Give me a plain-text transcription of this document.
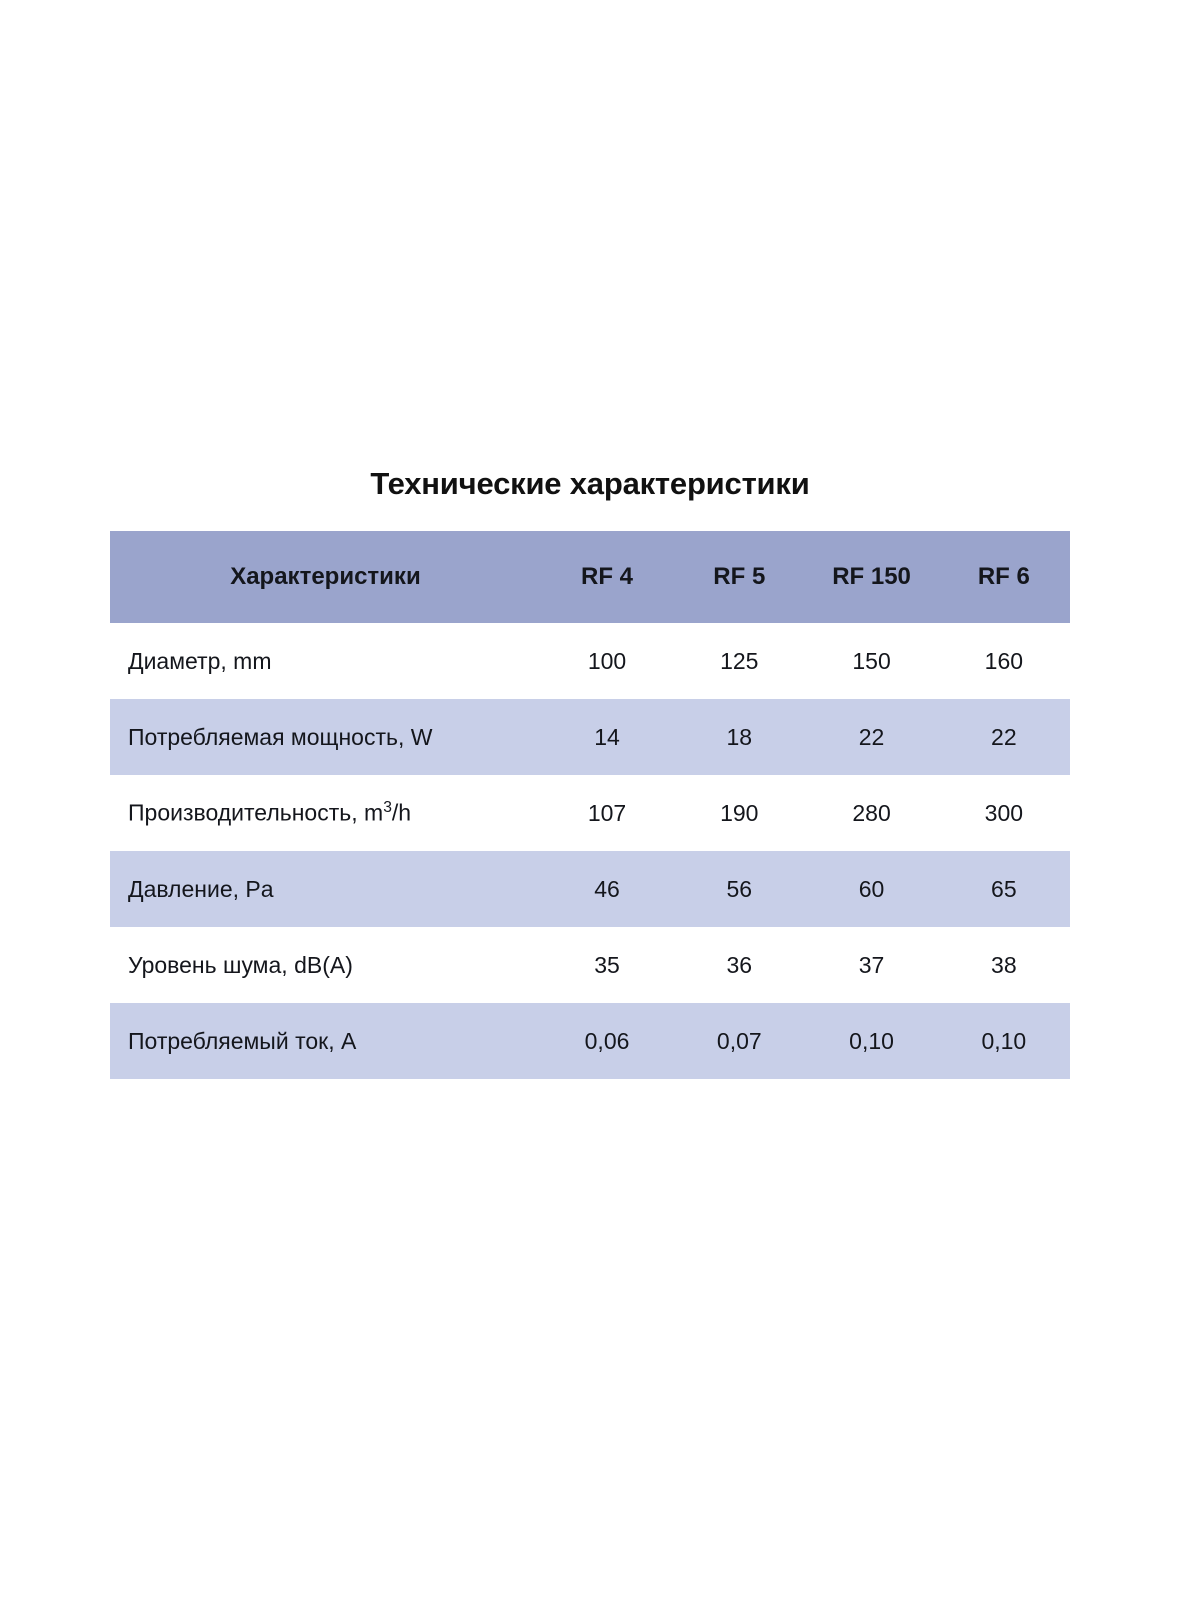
Технические характеристики
Характеристики	RF 4	RF 5	RF 150	RF 6
Диаметр, mm	100	125	150	160
Потребляемая мощность, W	14	18	22	22
Производительность, $m^3/h$	107	190	280	300
Давление, Pa	46	56	60	65
Уровень шума, dB(A)	35	36	37	38
Потребляемый ток, A	0,06	0,07	0,10	0,10
